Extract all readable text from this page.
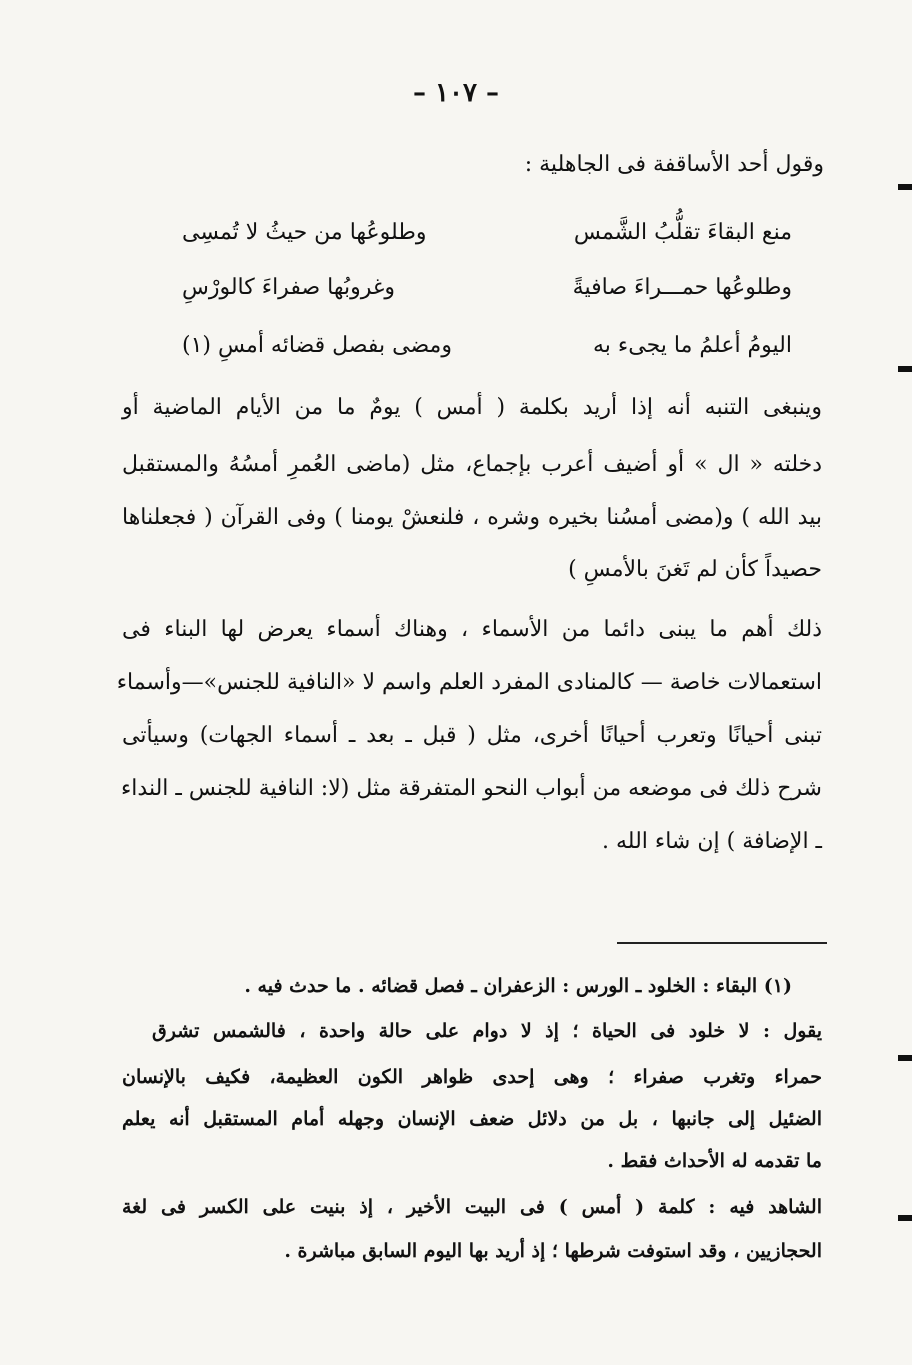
– ١٠٧ –
وقول أحد الأساقفة فى الجاهلية :
منع البقاءَ تقلُّبُ الشَّمس
وطلوعُها من حيثُ لا تُمسِى
وطلوعُها حمـــراءَ صافيةً
وغروبُها صفراءَ كالورْسِ
اليومُ أعلمُ ما يجىء به
ومضى بفصل قضائه أمسِ (١)
وينبغى التنبه أنه إذا أريد بكلمة ( أمس ) يومٌ ما من الأيام الماضية أو
دخلته « ال » أو أضيف أعرب بإجماع، مثل (ماضى العُمرِ أمسُهُ والمستقبل
بيد الله ) و(مضى أمسُنا بخيره وشره ، فلنعشْ يومنا ) وفى القرآن ( فجعلناها
حصيداً كأن لم تَغنَ بالأمسِ )
ذلك أهم ما يبنى دائما من الأسماء ، وهناك أسماء يعرض لها البناء فى
استعمالات خاصة — كالمنادى المفرد العلم واسم لا «النافية للجنس»—وأسماء
تبنى أحيانًا وتعرب أحيانًا أخرى، مثل ( قبل ـ بعد ـ أسماء الجهات) وسيأتى
شرح ذلك فى موضعه من أبواب النحو المتفرقة مثل (لا: النافية للجنس ـ النداء
ـ الإضافة ) إن شاء الله .
(١) البقاء : الخلود ـ الورس : الزعفران ـ فصل قضائه . ما حدث فيه .
يقول : لا خلود فى الحياة ؛ إذ لا دوام على حالة واحدة ، فالشمس تشرق
حمراء وتغرب صفراء ؛ وهى إحدى ظواهر الكون العظيمة، فكيف بالإنسان
الضئيل إلى جانبها ، بل من دلائل ضعف الإنسان وجهله أمام المستقبل أنه يعلم
ما تقدمه له الأحداث فقط .
الشاهد فيه : كلمة ( أمس ) فى البيت الأخير ، إذ بنيت على الكسر فى لغة
الحجازيين ، وقد استوفت شرطها ؛ إذ أريد بها اليوم السابق مباشرة .
